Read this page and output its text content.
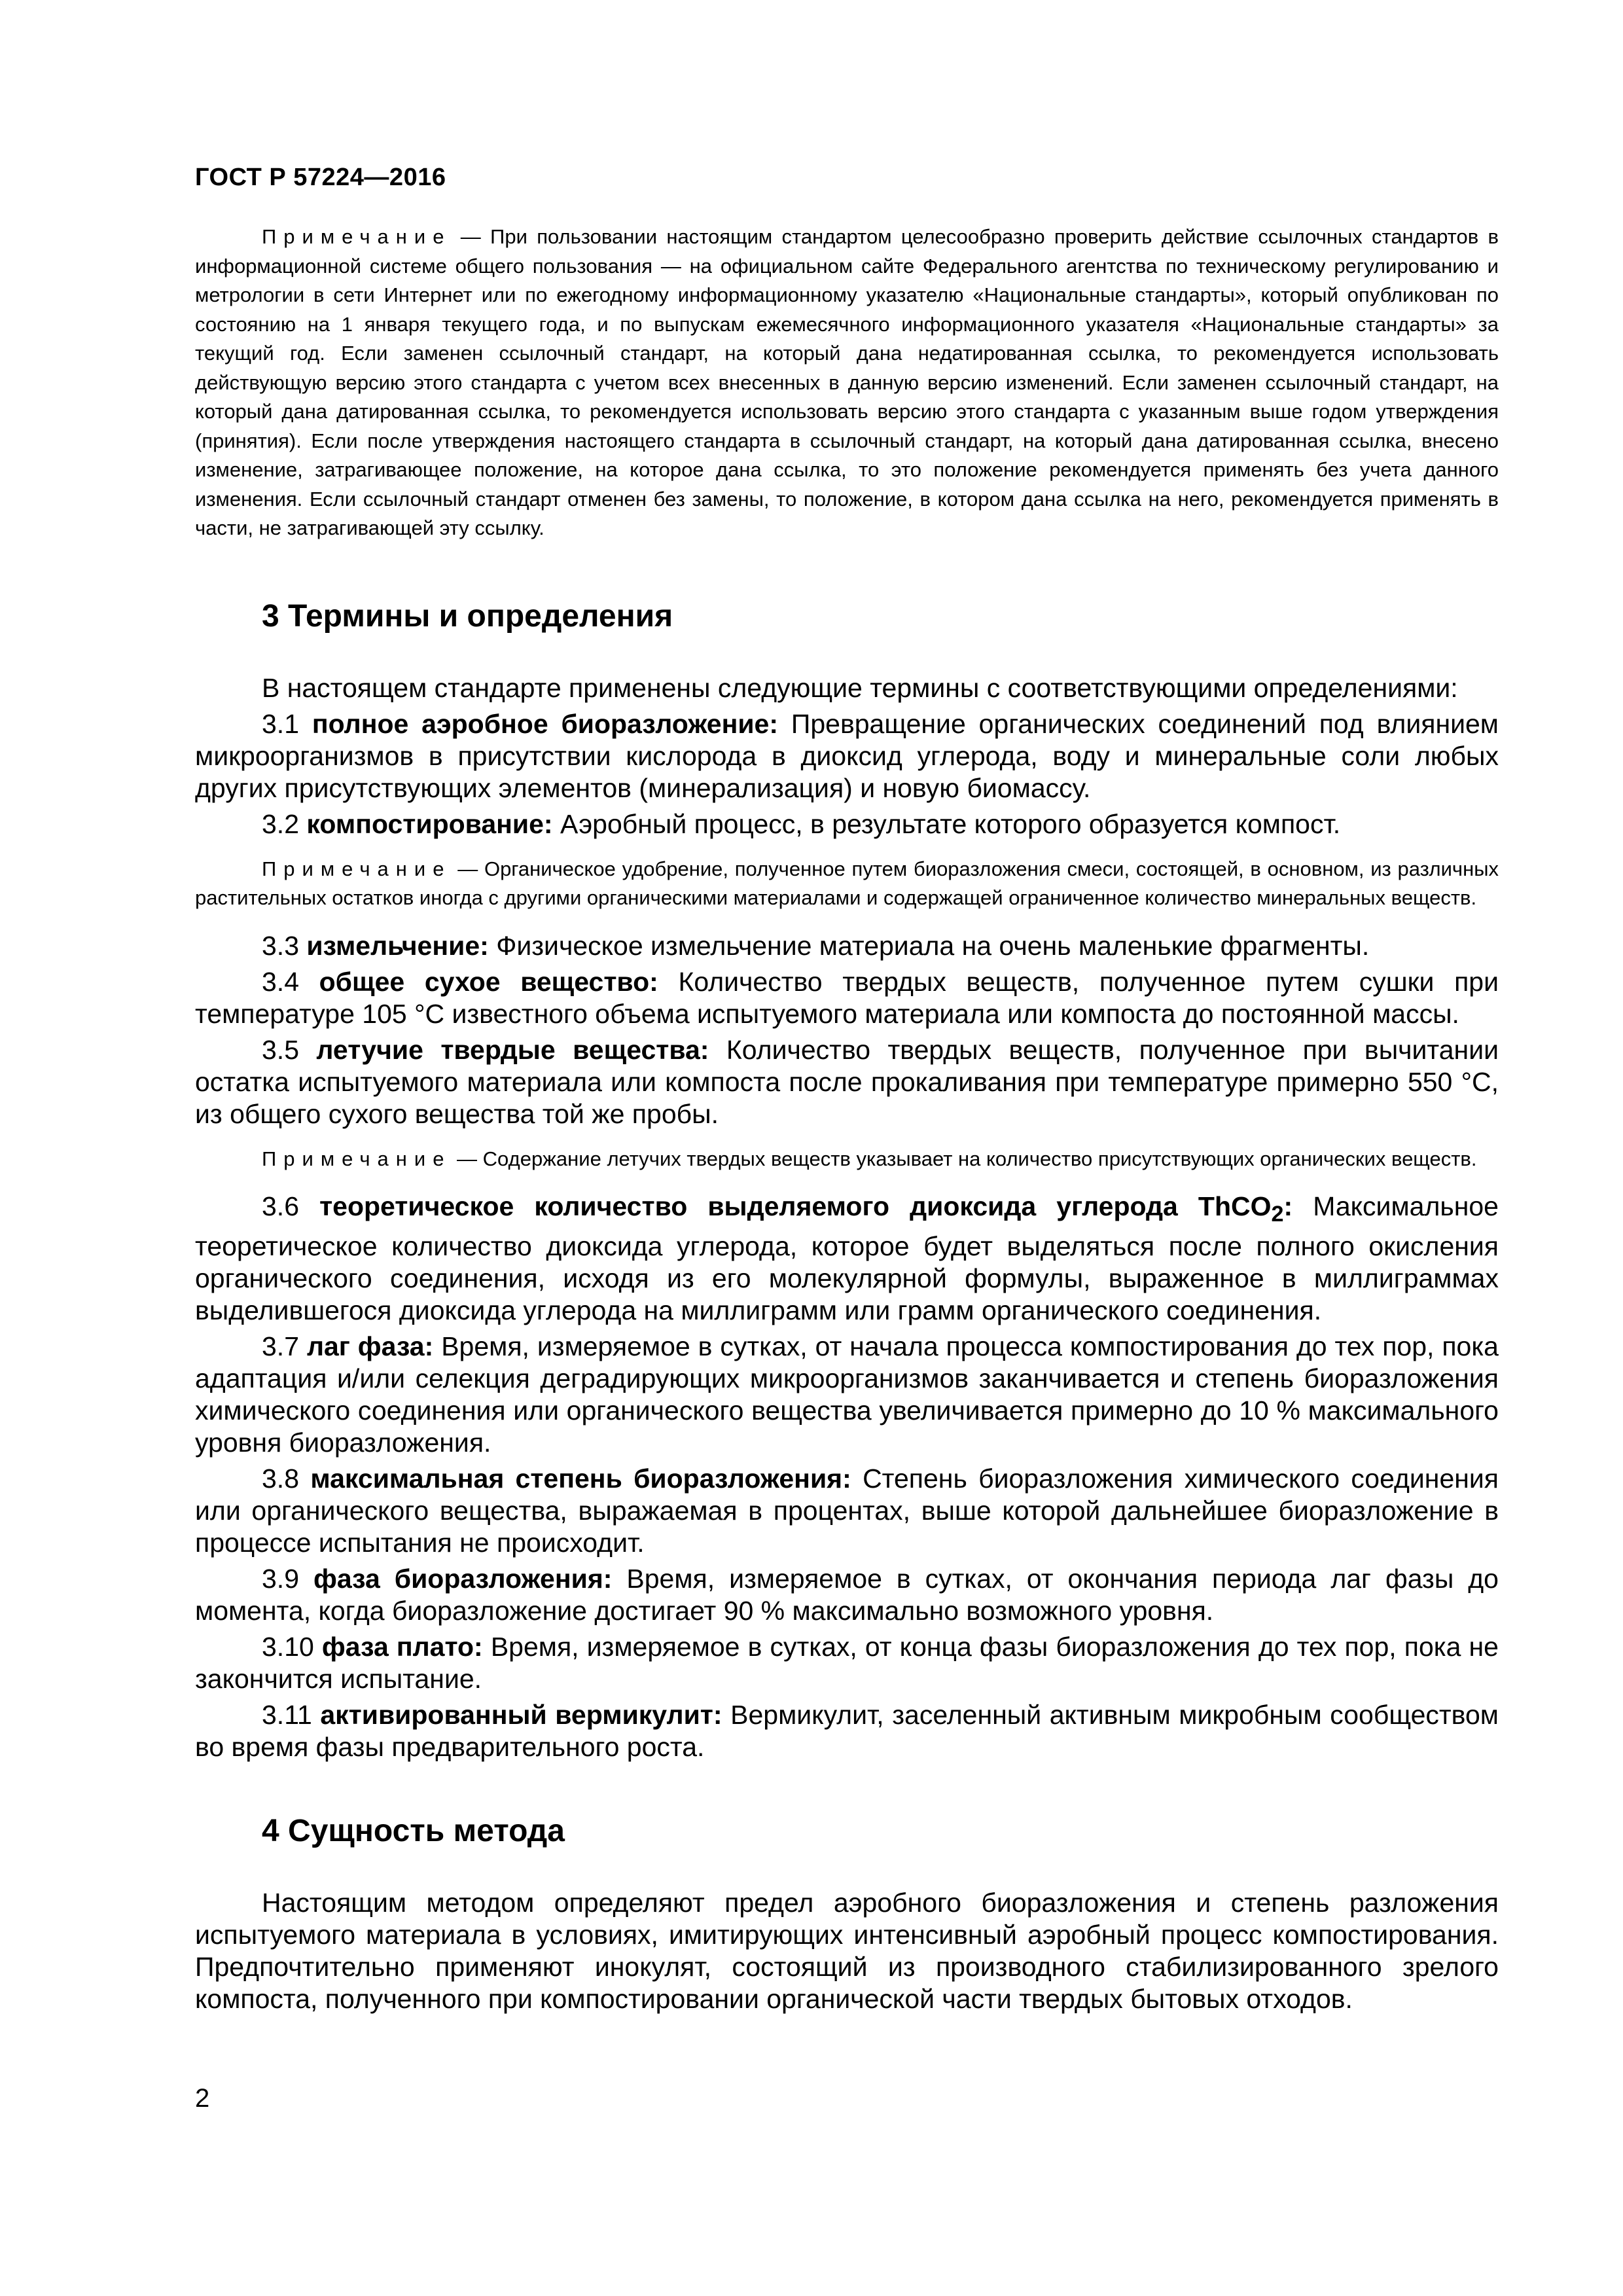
ГОСТ Р 57224—2016

Примечание — При пользовании настоящим стандартом целесообразно проверить действие ссылочных стандартов в информационной системе общего пользования — на официальном сайте Федерального агентства по техническому регулированию и метрологии в сети Интернет или по ежегодному информационному указателю «Национальные стандарты», который опубликован по состоянию на 1 января текущего года, и по выпускам ежемесячного информационного указателя «Национальные стандарты» за текущий год. Если заменен ссылочный стандарт, на который дана недатированная ссылка, то рекомендуется использовать действующую версию этого стандарта с учетом всех внесенных в данную версию изменений. Если заменен ссылочный стандарт, на который дана датированная ссылка, то рекомендуется использовать версию этого стандарта с указанным выше годом утверждения (принятия). Если после утверждения настоящего стандарта в ссылочный стандарт, на который дана датированная ссылка, внесено изменение, затрагивающее положение, на которое дана ссылка, то это положение рекомендуется применять без учета данного изменения. Если ссылочный стандарт отменен без замены, то положение, в котором дана ссылка на него, рекомендуется применять в части, не затрагивающей эту ссылку.

3 Термины и определения

В настоящем стандарте применены следующие термины с соответствующими определениями:

3.1 полное аэробное биоразложение: Превращение органических соединений под влиянием микроорганизмов в присутствии кислорода в диоксид углерода, воду и минеральные соли любых других присутствующих элементов (минерализация) и новую биомассу.

3.2 компостирование: Аэробный процесс, в результате которого образуется компост.

Примечание — Органическое удобрение, полученное путем биоразложения смеси, состоящей, в основном, из различных растительных остатков иногда с другими органическими материалами и содержащей ограниченное количество минеральных веществ.

3.3 измельчение: Физическое измельчение материала на очень маленькие фрагменты.

3.4 общее сухое вещество: Количество твердых веществ, полученное путем сушки при температуре 105 °С известного объема испытуемого материала или компоста до постоянной массы.

3.5 летучие твердые вещества: Количество твердых веществ, полученное при вычитании остатка испытуемого материала или компоста после прокаливания при температуре примерно 550 °С, из общего сухого вещества той же пробы.

Примечание — Содержание летучих твердых веществ указывает на количество присутствующих органических веществ.

3.6 теоретическое количество выделяемого диоксида углерода ThCO$_2$: Максимальное теоретическое количество диоксида углерода, которое будет выделяться после полного окисления органического соединения, исходя из его молекулярной формулы, выраженное в миллиграммах выделившегося диоксида углерода на миллиграмм или грамм органического соединения.

3.7 лаг фаза: Время, измеряемое в сутках, от начала процесса компостирования до тех пор, пока адаптация и/или селекция деградирующих микроорганизмов заканчивается и степень биоразложения химического соединения или органического вещества увеличивается примерно до 10 % максимального уровня биоразложения.

3.8 максимальная степень биоразложения: Степень биоразложения химического соединения или органического вещества, выражаемая в процентах, выше которой дальнейшее биоразложение в процессе испытания не происходит.

3.9 фаза биоразложения: Время, измеряемое в сутках, от окончания периода лаг фазы до момента, когда биоразложение достигает 90 % максимально возможного уровня.

3.10 фаза плато: Время, измеряемое в сутках, от конца фазы биоразложения до тех пор, пока не закончится испытание.

3.11 активированный вермикулит: Вермикулит, заселенный активным микробным сообществом во время фазы предварительного роста.

4 Сущность метода

Настоящим методом определяют предел аэробного биоразложения и степень разложения испытуемого материала в условиях, имитирующих интенсивный аэробный процесс компостирования. Предпочтительно применяют инокулят, состоящий из производного стабилизированного зрелого компоста, полученного при компостировании органической части твердых бытовых отходов.

2
